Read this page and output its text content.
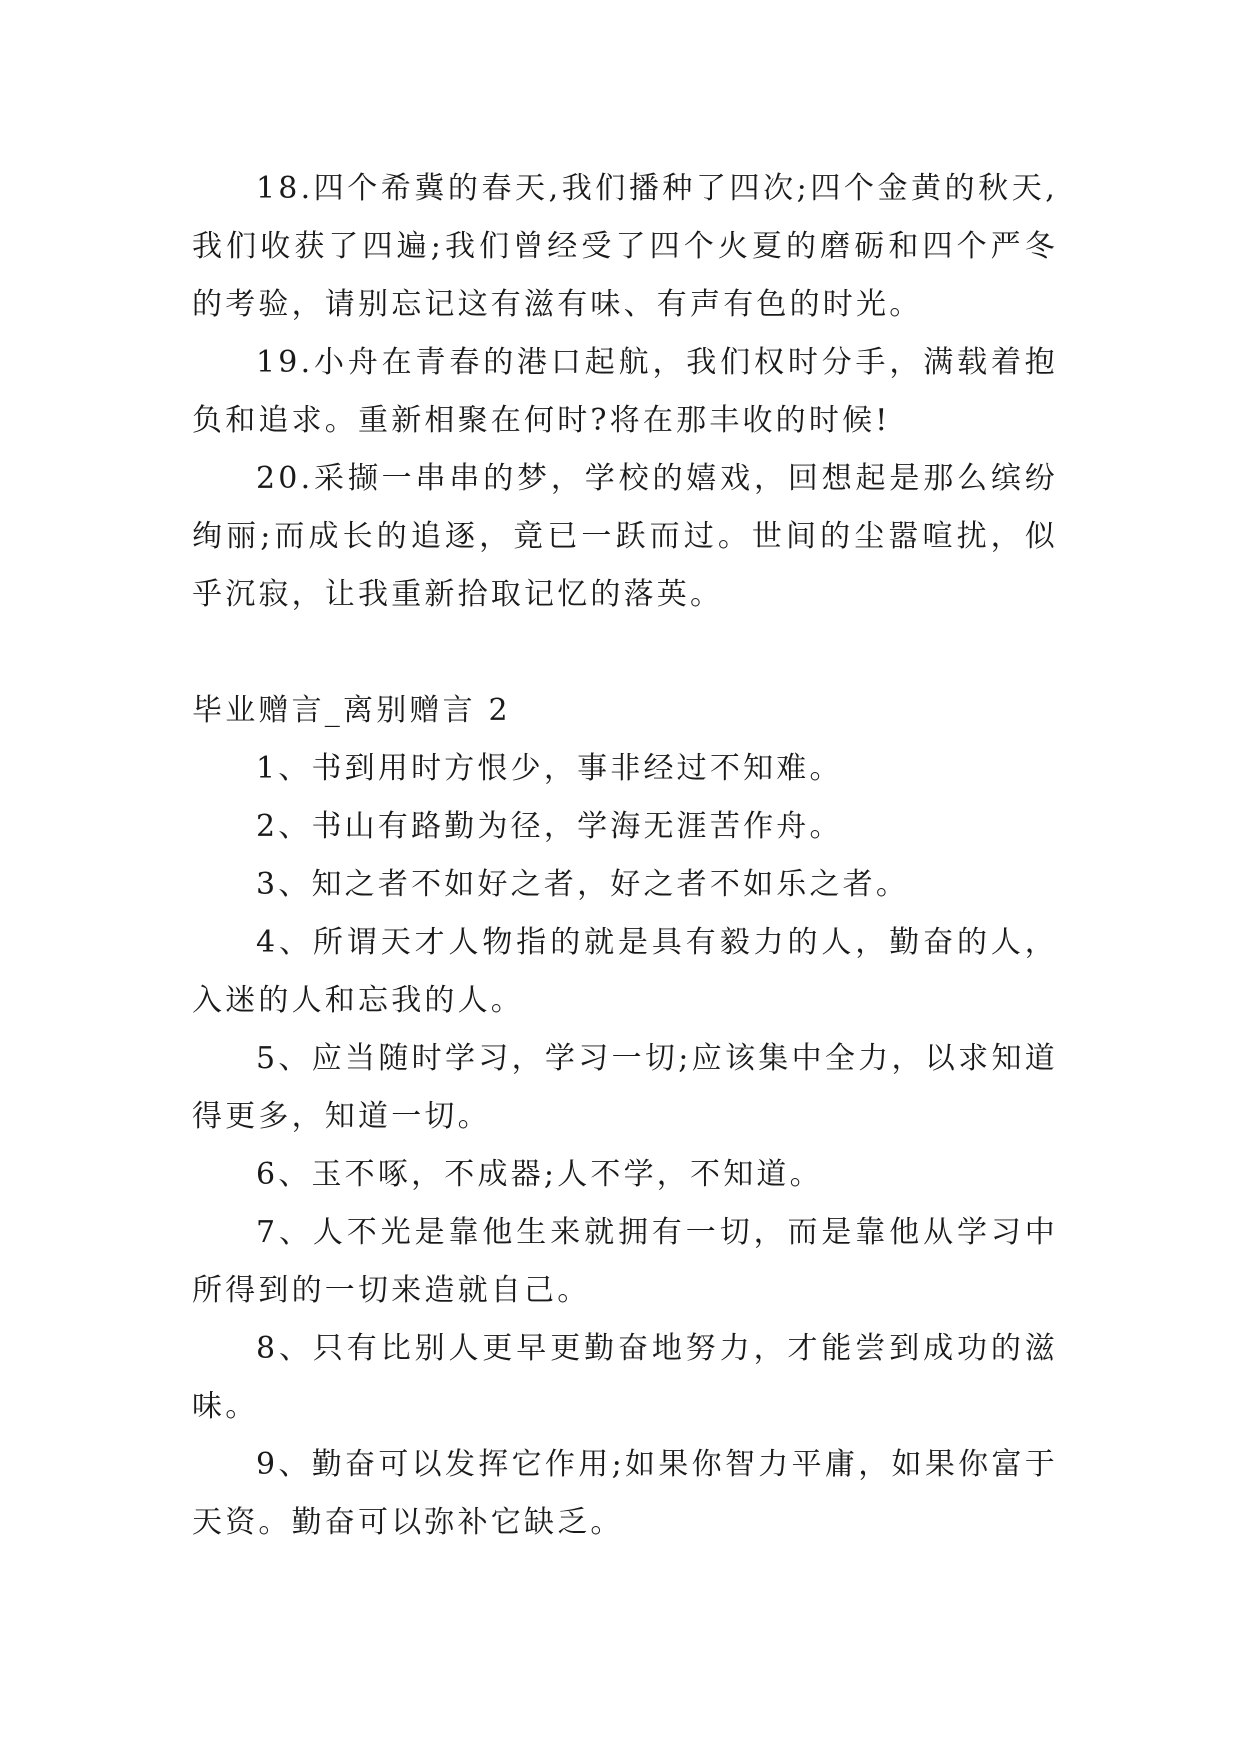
18.四个希冀的春天,我们播种了四次;四个金黄的秋天,我们收获了四遍;我们曾经受了四个火夏的磨砺和四个严冬的考验，请别忘记这有滋有味、有声有色的时光。

19.小舟在青春的港口起航，我们权时分手，满载着抱负和追求。重新相聚在何时?将在那丰收的时候!

20.采撷一串串的梦，学校的嬉戏，回想起是那么缤纷绚丽;而成长的追逐，竟已一跃而过。世间的尘嚣喧扰，似乎沉寂，让我重新拾取记忆的落英。

毕业赠言_离别赠言 2

1、书到用时方恨少，事非经过不知难。

2、书山有路勤为径，学海无涯苦作舟。

3、知之者不如好之者，好之者不如乐之者。

4、所谓天才人物指的就是具有毅力的人，勤奋的人，入迷的人和忘我的人。

5、应当随时学习，学习一切;应该集中全力，以求知道得更多，知道一切。

6、玉不啄，不成器;人不学，不知道。

7、人不光是靠他生来就拥有一切，而是靠他从学习中所得到的一切来造就自己。

8、只有比别人更早更勤奋地努力，才能尝到成功的滋味。

9、勤奋可以发挥它作用;如果你智力平庸，如果你富于天资。勤奋可以弥补它缺乏。
